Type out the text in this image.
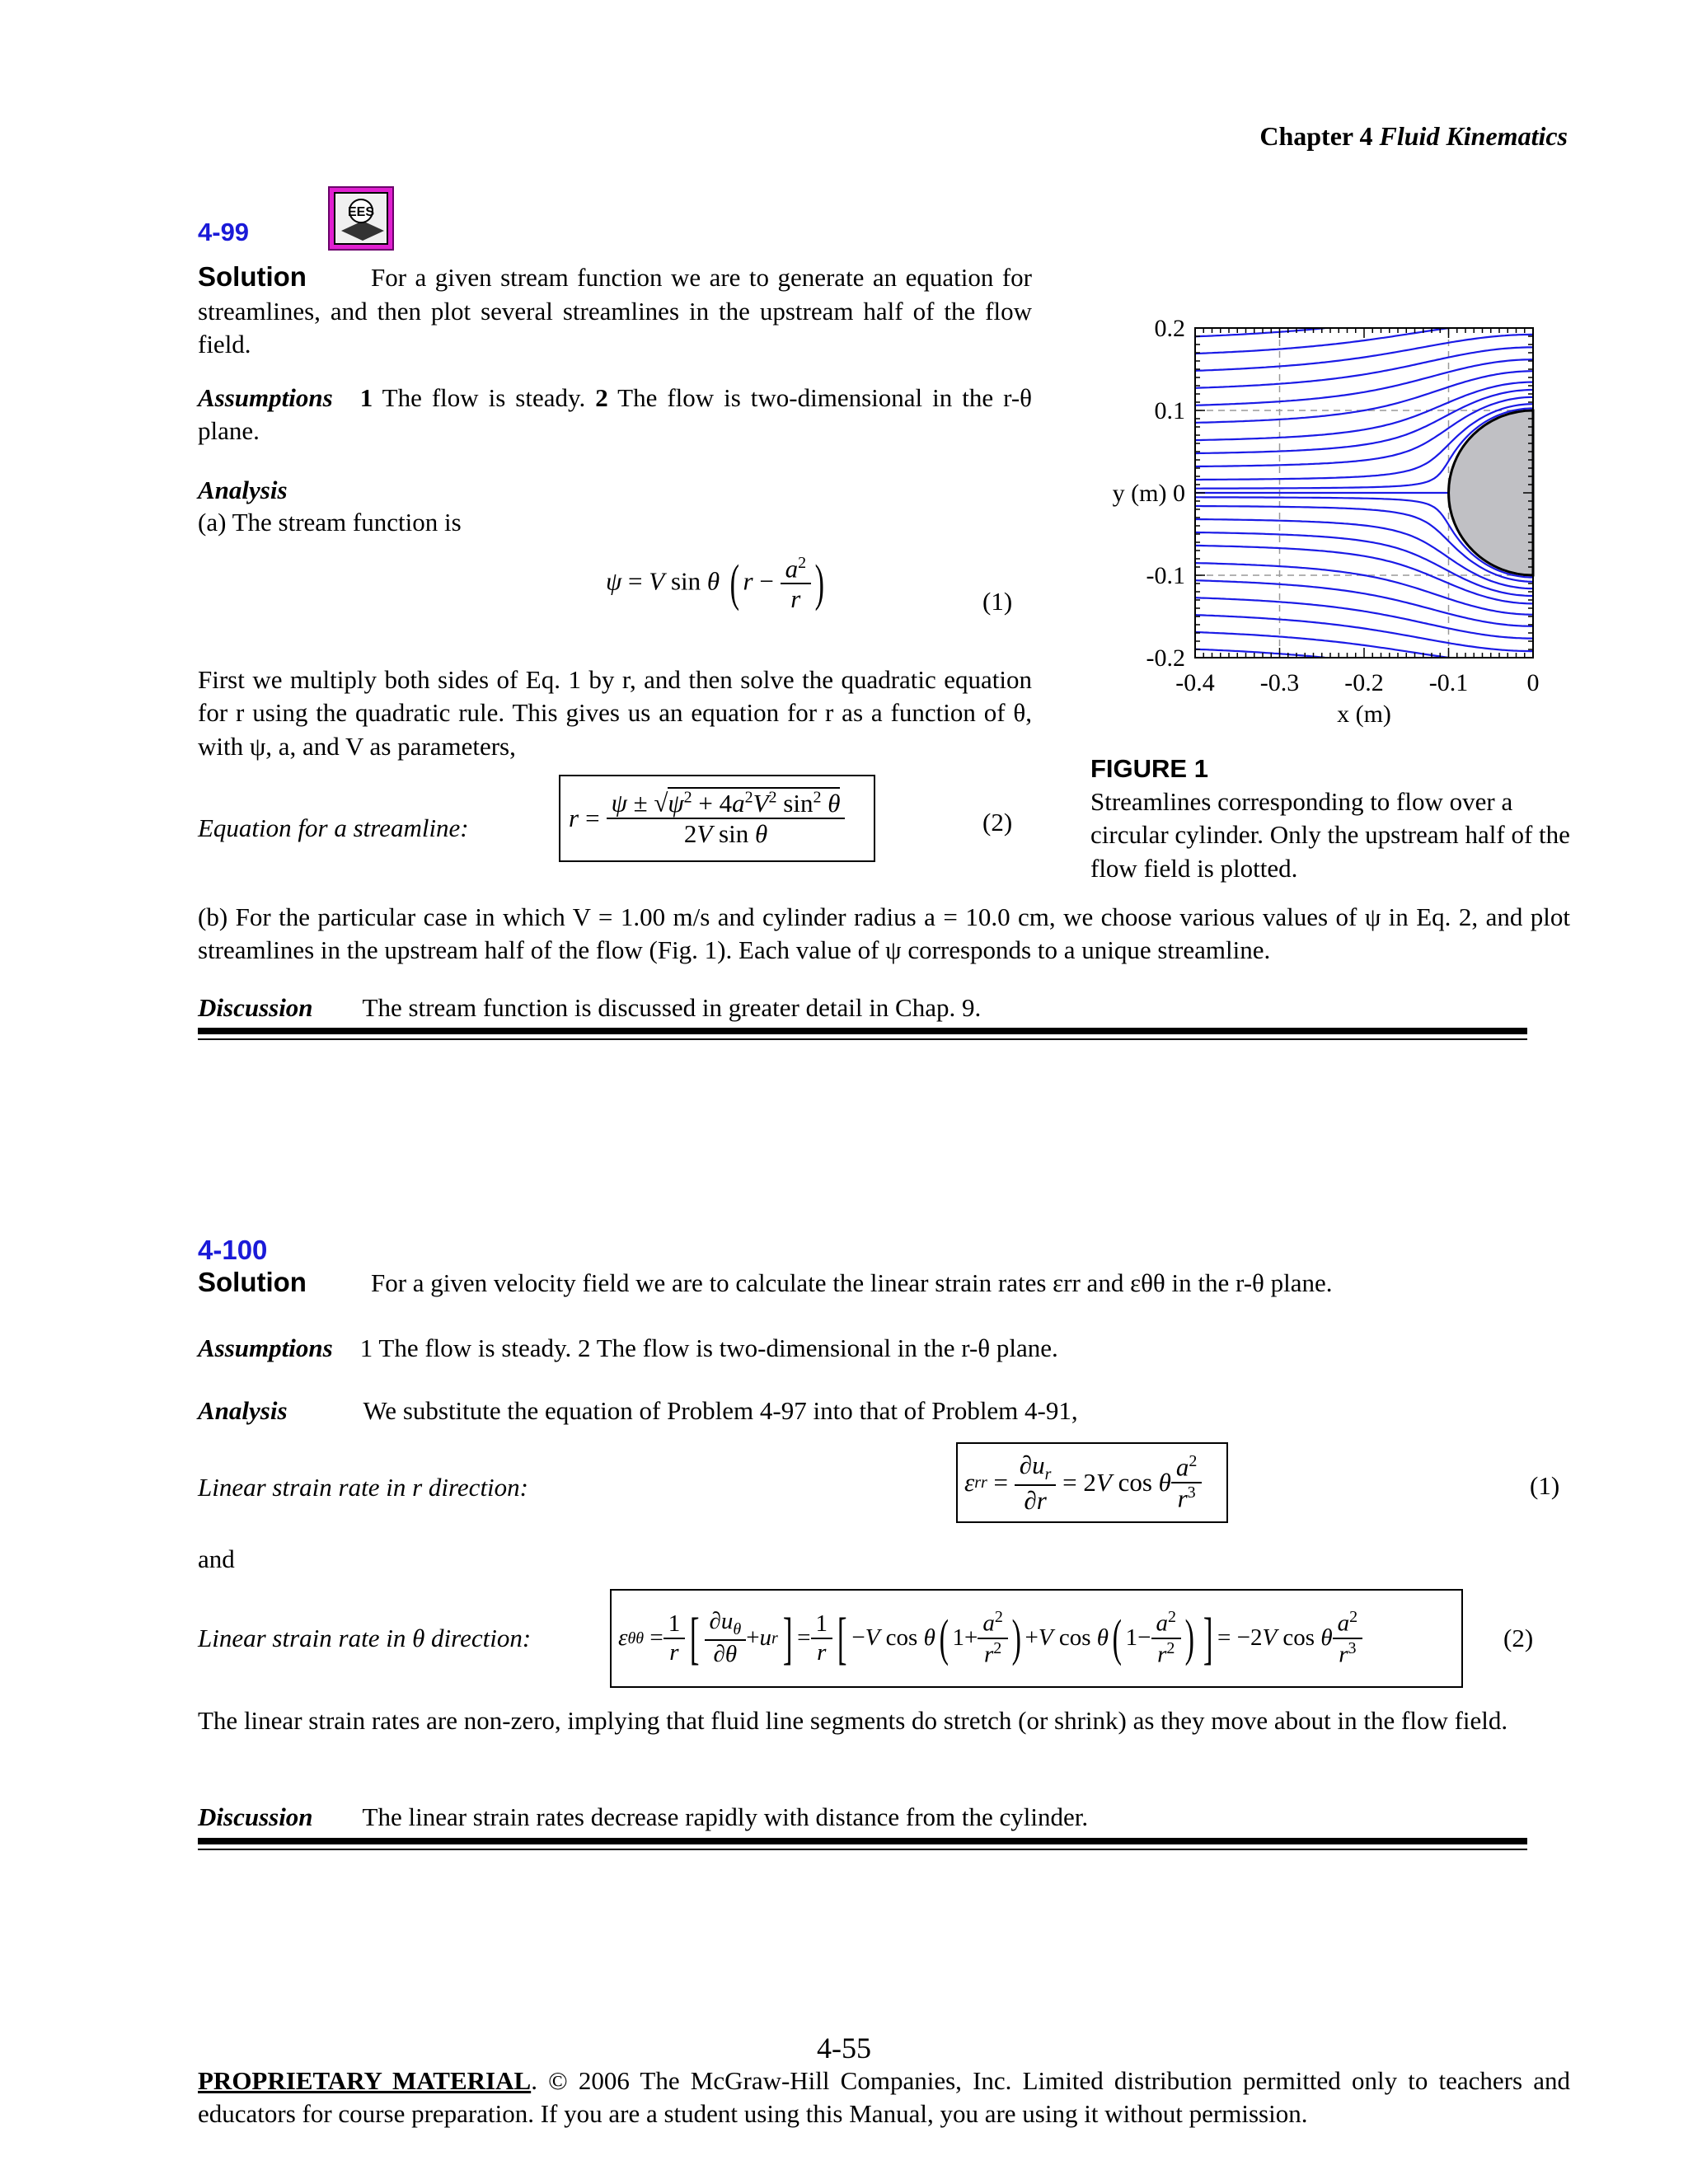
Chapter 4 Fluid Kinematics
4-99
EES
Solution	For a given stream function we are to generate an equation for streamlines, and then plot several streamlines in the upstream half of the flow field.
Assumptions 1 The flow is steady. 2 The flow is two-dimensional in the r-θ plane.
Analysis
(a) The stream function is
ψ = V sin θ ( $r - \frac{a^2}{r}$ )	(1)
First we multiply both sides of Eq. 1 by r, and then solve the quadratic equation for r using the quadratic rule. This gives us an equation for r as a function of θ, with ψ, a, and V as parameters,
Equation for a streamline:	$r = \frac{\psi \pm √\psi^2 + 4a^2V^2 \sin^2 \theta}{\text{2V sin θ}}$	(2)
-0.4 -0.3 -0.2 -0.1 0
0.2
0.1
y (m) 0
-0.1
-0.2
x (m)
FIGURE 1
Streamlines corresponding to flow over a circular cylinder. Only the upstream half of the flow field is plotted.
(b) For the particular case in which V = 1.00 m/s and cylinder radius a = 10.0 cm, we choose various values of ψ in Eq. 2, and plot streamlines in the upstream half of the flow (Fig. 1). Each value of ψ corresponds to a unique streamline.
Discussion The stream function is discussed in greater detail in Chap. 9.
4-100
Solution	For a given velocity field we are to calculate the linear strain rates εrr and εθθ in the r-θ plane.
Assumptions 1 The flow is steady. 2 The flow is two-dimensional in the r-θ plane.
Analysis	We substitute the equation of Problem 4-97 into that of Problem 4-91,
Linear strain rate in r direction:	ε rr = $\frac{\partial u_r}{\partial r} = 2$ V cos θ $\frac{a^2}{r^3}$	(1)
and
Linear strain rate in θ direction:	ε $\theta\theta = \frac{1}{r}$ [ $\frac{\partial u_\theta}{\partial\theta} + u$ r ] = $\frac{1}{r}$ [ − V cos θ ( $1+ \frac{a^2}{r^2}$ ) + V cos θ ( $1- \frac{a^2}{r^2}$ ) ] = −2 V cos θ $\frac{a^2}{r^3}$	(2)
The linear strain rates are non-zero, implying that fluid line segments do stretch (or shrink) as they move about in the flow field.
Discussion The linear strain rates decrease rapidly with distance from the cylinder.
4-55
PROPRIETARY MATERIAL. © 2006 The McGraw-Hill Companies, Inc. Limited distribution permitted only to teachers and educators for course preparation. If you are a student using this Manual, you are using it without permission.
